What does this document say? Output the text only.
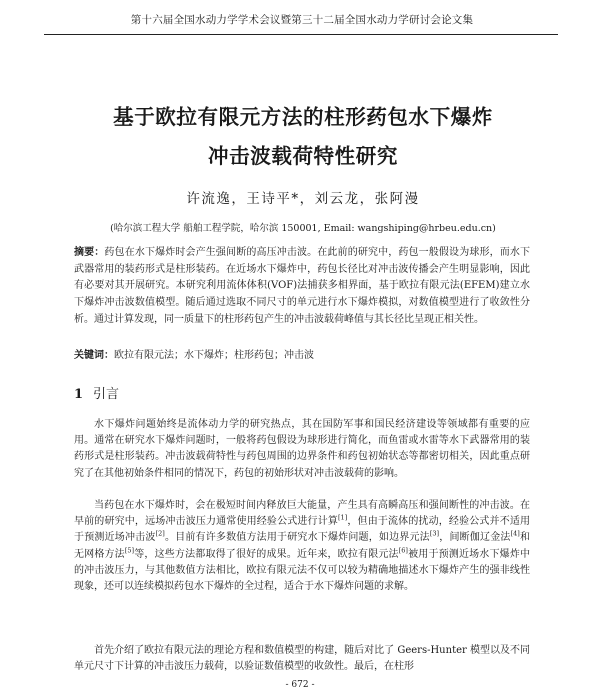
第十六届全国水动力学学术会议暨第三十二届全国水动力学研讨会论文集
基于欧拉有限元方法的柱形药包水下爆炸
冲击波载荷特性研究
许流逸，王诗平*，刘云龙，张阿漫
(哈尔滨工程大学 船舶工程学院，哈尔滨 150001, Email: wangshiping@hrbeu.edu.cn)

摘要：药包在水下爆炸时会产生强间断的高压冲击波。在此前的研究中，药包一般假设为球形，而水下武器常用的装药形式是柱形装药。在近场水下爆炸中，药包长径比对冲击波传播会产生明显影响，因此有必要对其开展研究。本研究利用流体体积(VOF)法捕获多相界面，基于欧拉有限元法(EFEM)建立水下爆炸冲击波数值模型。随后通过选取不同尺寸的单元进行水下爆炸模拟，对数值模型进行了收敛性分析。通过计算发现，同一质量下的柱形药包产生的冲击波载荷峰值与其长径比呈现正相关性。

关键词：欧拉有限元法；水下爆炸；柱形药包；冲击波

1 引言

水下爆炸问题始终是流体动力学的研究热点，其在国防军事和国民经济建设等领域都有重要的应用。通常在研究水下爆炸问题时，一般将药包假设为球形进行简化，而鱼雷或水雷等水下武器常用的装药形式是柱形装药。冲击波载荷特性与药包周围的边界条件和药包初始状态等都密切相关，因此重点研究了在其他初始条件相同的情况下，药包的初始形状对冲击波载荷的影响。

当药包在水下爆炸时，会在极短时间内释放巨大能量，产生具有高瞬高压和强间断性的冲击波。在早前的研究中，远场冲击波压力通常使用经验公式进行计算[1]，但由于流体的扰动，经验公式并不适用于预测近场冲击波[2]。目前有许多数值方法用于研究水下爆炸问题，如边界元法[3]，间断伽辽金法[4]和无网格方法[5]等，这些方法都取得了很好的成果。近年来，欧拉有限元法[6]被用于预测近场水下爆炸中的冲击波压力，与其他数值方法相比，欧拉有限元法不仅可以较为精确地描述水下爆炸产生的强非线性现象，还可以连续模拟药包水下爆炸的全过程，适合于水下爆炸问题的求解。

首先介绍了欧拉有限元法的理论方程和数值模型的构建，随后对比了 Geers-Hunter 模型以及不同单元尺寸下计算的冲击波压力载荷，以验证数值模型的收敛性。最后，在柱形

- 672 -
